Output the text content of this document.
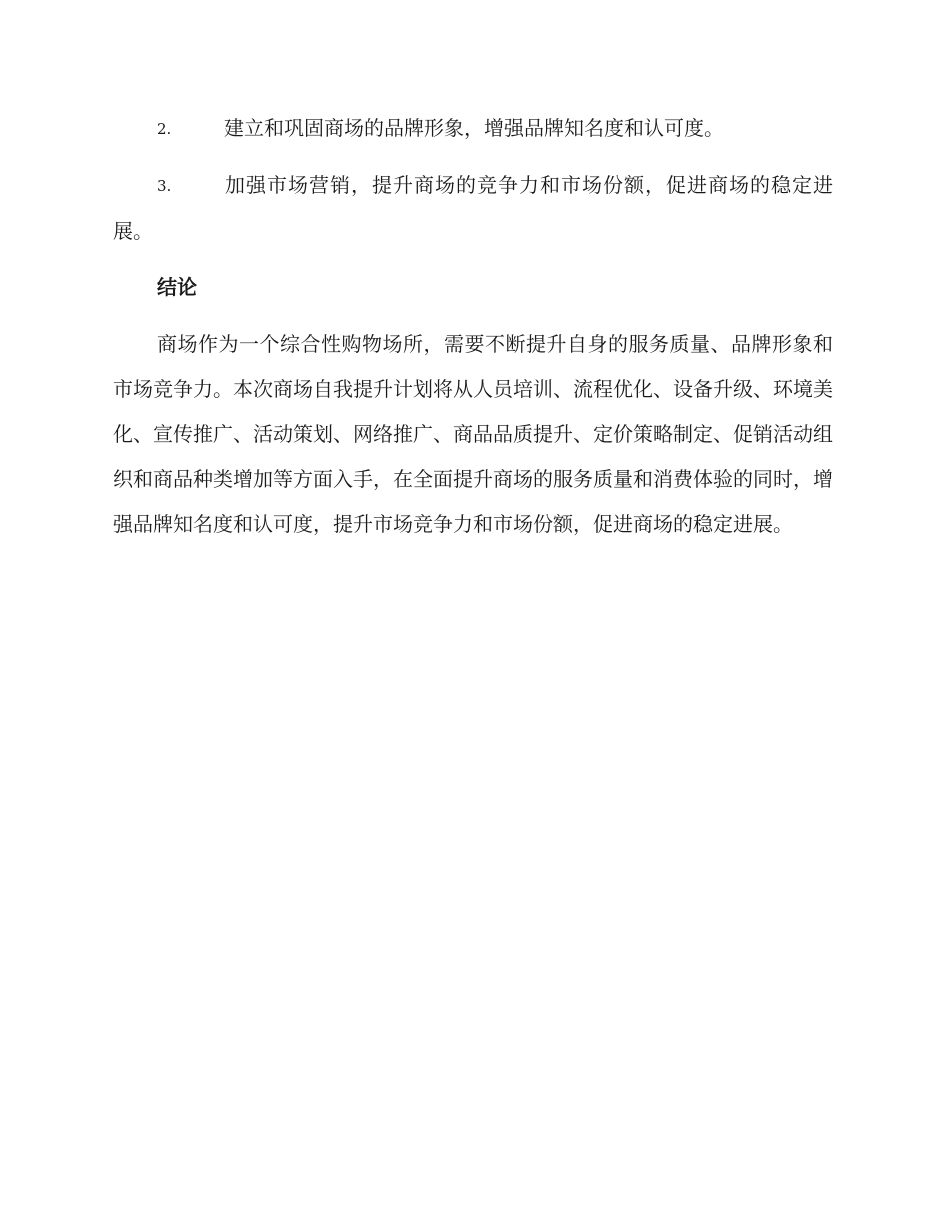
2.	建立和巩固商场的品牌形象，增强品牌知名度和认可度。
3.	加强市场营销，提升商场的竞争力和市场份额，促进商场的稳定进展。
结论

商场作为一个综合性购物场所，需要不断提升自身的服务质量、品牌形象和市场竞争力。本次商场自我提升计划将从人员培训、流程优化、设备升级、环境美化、宣传推广、活动策划、网络推广、商品品质提升、定价策略制定、促销活动组织和商品种类增加等方面入手，在全面提升商场的服务质量和消费体验的同时，增强品牌知名度和认可度，提升市场竞争力和市场份额，促进商场的稳定进展。
